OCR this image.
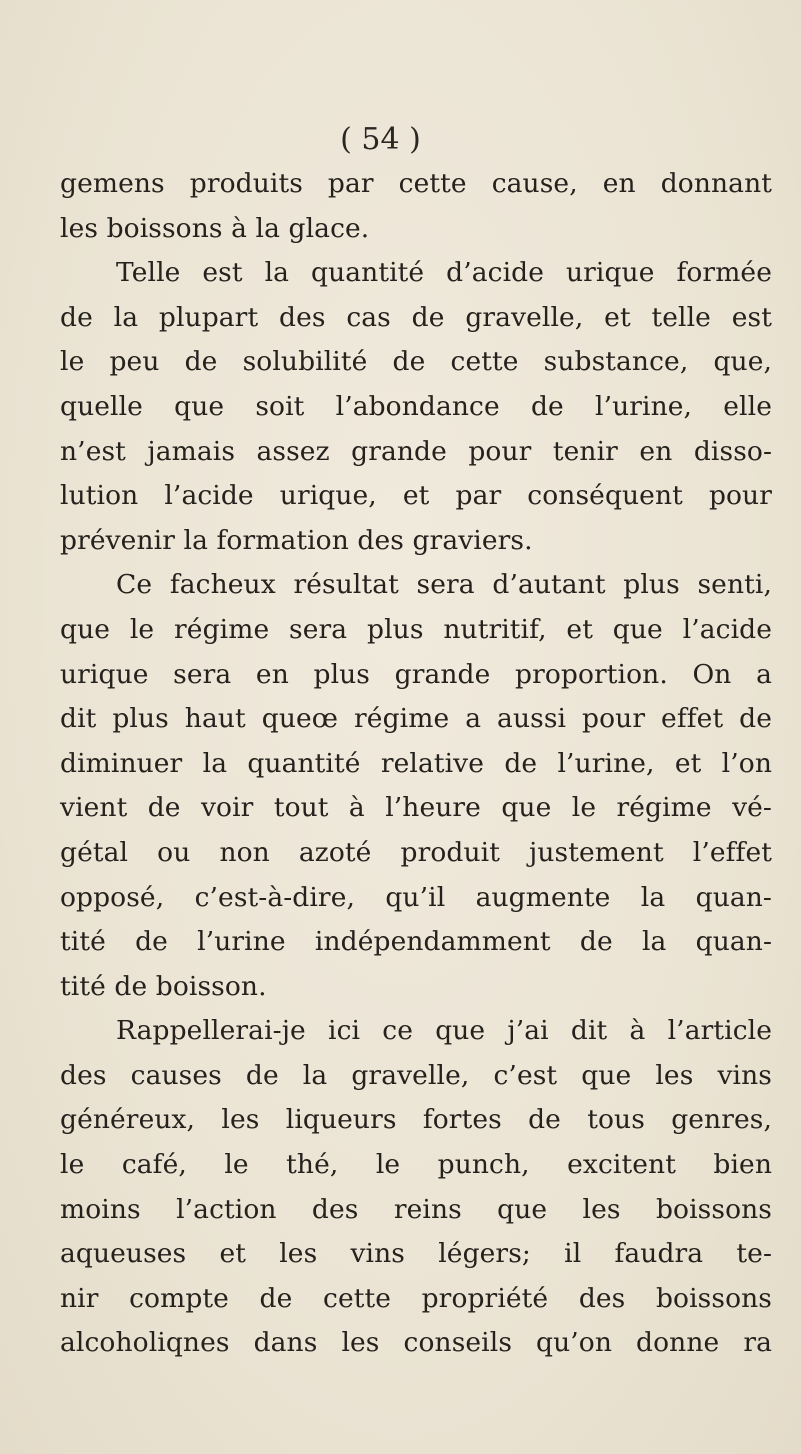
( 54 )
gemens produits par cette cause, en donnant
les boissons à la glace.
Telle est la quantité d’acide urique formée
de la plupart des cas de gravelle, et telle est
le peu de solubilité de cette substance, que,
quelle que soit l’abondance de l’urine, elle
n’est jamais assez grande pour tenir en disso-
lution l’acide urique, et par conséquent pour
prévenir la formation des graviers.
Ce facheux résultat sera d’autant plus senti,
que le régime sera plus nutritif, et que l’acide
urique sera en plus grande proportion. On a
dit plus haut queœ régime a aussi pour effet de
diminuer la quantité relative de l’urine, et l’on
vient de voir tout à l’heure que le régime vé-
gétal ou non azoté produit justement l’effet
opposé, c’est-à-dire, qu’il augmente la quan-
tité de l’urine indépendamment de la quan-
tité de boisson.
Rappellerai-je ici ce que j’ai dit à l’article
des causes de la gravelle, c’est que les vins
généreux, les liqueurs fortes de tous genres,
le café, le thé, le punch, excitent bien
moins l’action des reins que les boissons
aqueuses et les vins légers; il faudra te-
nir compte de cette propriété des boissons
alcoholiqnes dans les conseils qu’on donne ra
